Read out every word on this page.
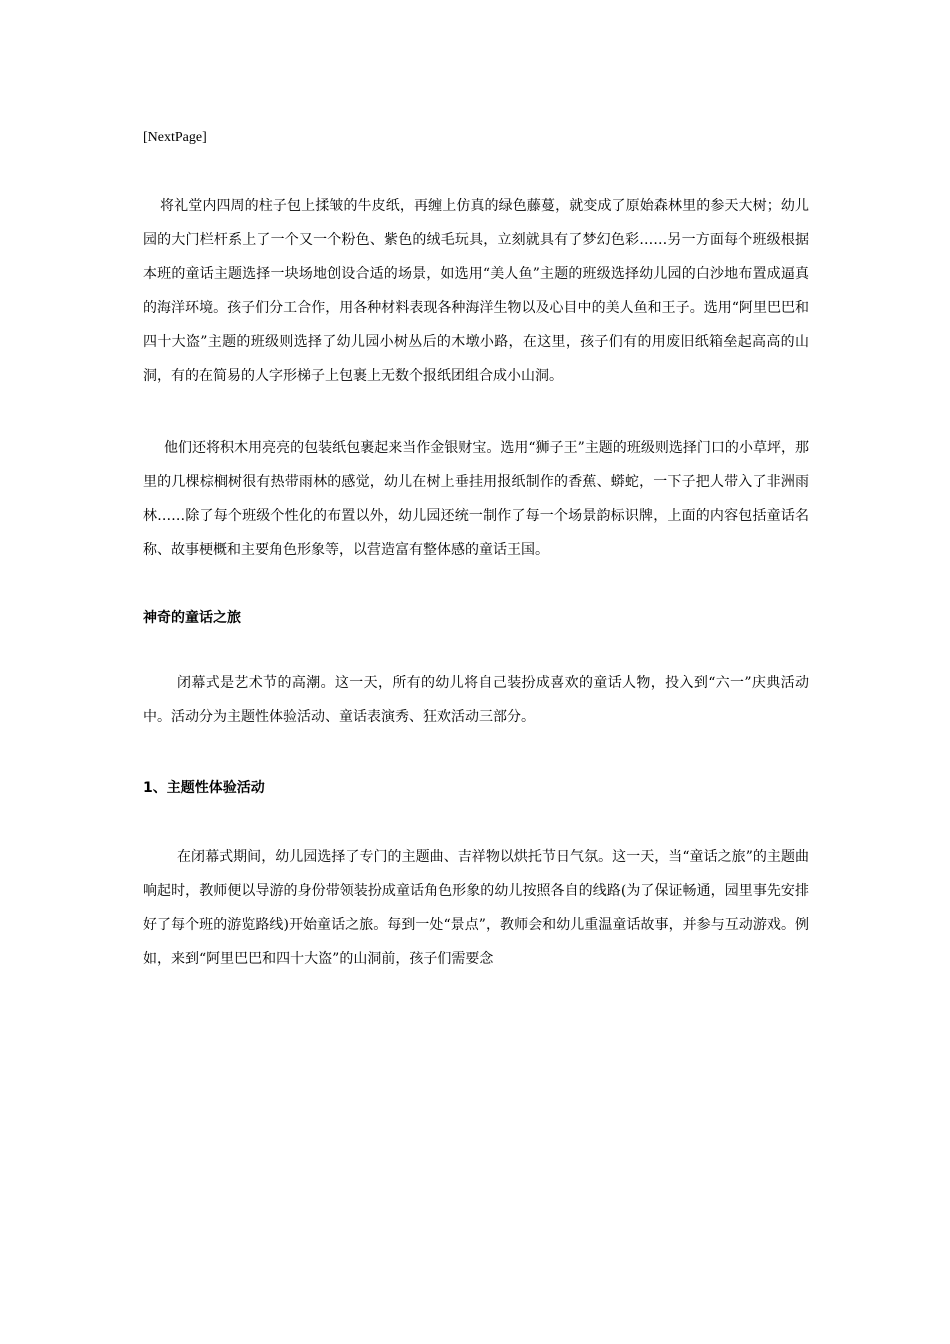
[NextPage]

将礼堂内四周的柱子包上揉皱的牛皮纸，再缠上仿真的绿色藤蔓，就变成了原始森林里的参天大树；幼儿园的大门栏杆系上了一个又一个粉色、紫色的绒毛玩具，立刻就具有了梦幻色彩……另一方面每个班级根据本班的童话主题选择一块场地创设合适的场景，如选用“美人鱼”主题的班级选择幼儿园的白沙地布置成逼真的海洋环境。孩子们分工合作，用各种材料表现各种海洋生物以及心目中的美人鱼和王子。选用“阿里巴巴和四十大盗”主题的班级则选择了幼儿园小树丛后的木墩小路，在这里，孩子们有的用废旧纸箱垒起高高的山洞，有的在简易的人字形梯子上包裹上无数个报纸团组合成小山洞。

他们还将积木用亮亮的包装纸包裹起来当作金银财宝。选用“狮子王”主题的班级则选择门口的小草坪，那里的几棵棕榈树很有热带雨林的感觉，幼儿在树上垂挂用报纸制作的香蕉、蟒蛇，一下子把人带入了非洲雨林……除了每个班级个性化的布置以外，幼儿园还统一制作了每一个场景韵标识牌，上面的内容包括童话名称、故事梗概和主要角色形象等，以营造富有整体感的童话王国。

神奇的童话之旅

闭幕式是艺术节的高潮。这一天，所有的幼儿将自己装扮成喜欢的童话人物，投入到“六一”庆典活动中。活动分为主题性体验活动、童话表演秀、狂欢活动三部分。

1、主题性体验活动

在闭幕式期间，幼儿园选择了专门的主题曲、吉祥物以烘托节日气氛。这一天，当“童话之旅”的主题曲响起时，教师便以导游的身份带领装扮成童话角色形象的幼儿按照各自的线路(为了保证畅通，园里事先安排好了每个班的游览路线)开始童话之旅。每到一处“景点”，教师会和幼儿重温童话故事，并参与互动游戏。例如，来到“阿里巴巴和四十大盗”的山洞前，孩子们需要念
